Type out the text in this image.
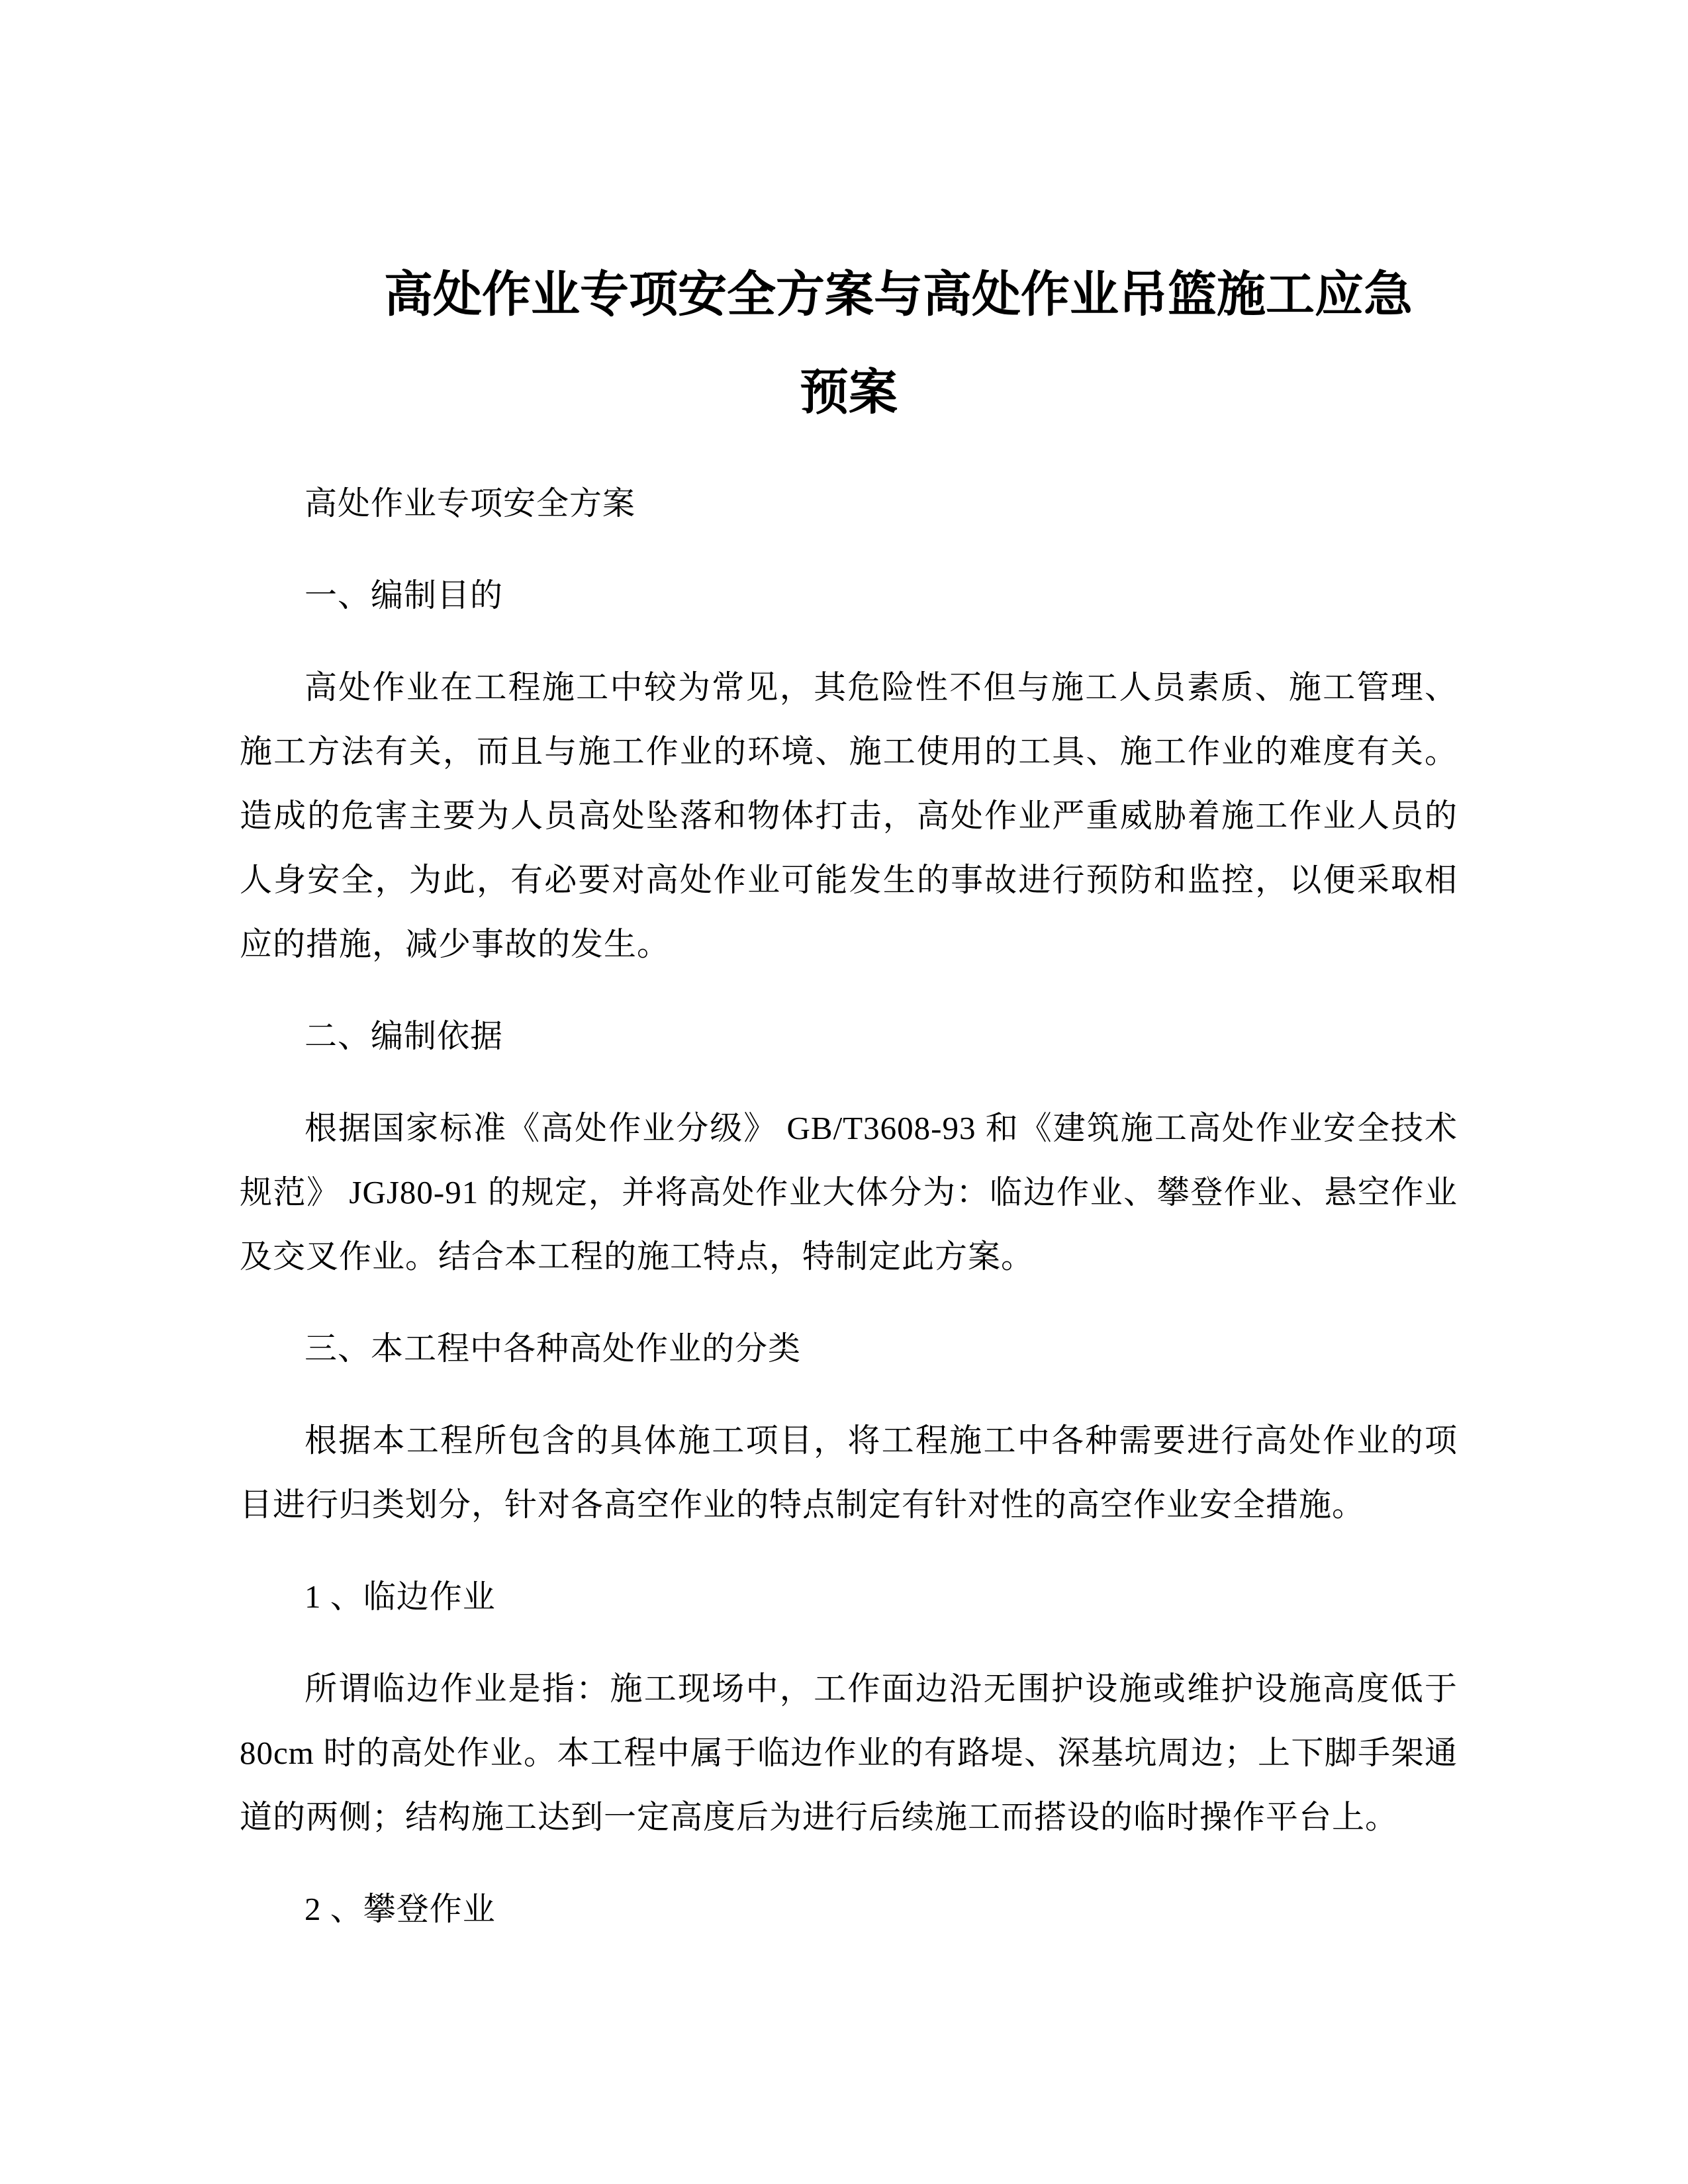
高处作业专项安全方案与高处作业吊篮施工应急
预案
高处作业专项安全方案
一、编制目的
高处作业在工程施工中较为常见，其危险性不但与施工人员素质、施工管理、施工方法有关，而且与施工作业的环境、施工使用的工具、施工作业的难度有关。造成的危害主要为人员高处坠落和物体打击，高处作业严重威胁着施工作业人员的人身安全，为此，有必要对高处作业可能发生的事故进行预防和监控，以便采取相应的措施，减少事故的发生。
二、编制依据
根据国家标准《高处作业分级》 GB/T3608-93 和《建筑施工高处作业安全技术规范》 JGJ80-91 的规定，并将高处作业大体分为：临边作业、攀登作业、悬空作业及交叉作业。结合本工程的施工特点，特制定此方案。
三、本工程中各种高处作业的分类
根据本工程所包含的具体施工项目，将工程施工中各种需要进行高处作业的项目进行归类划分，针对各高空作业的特点制定有针对性的高空作业安全措施。
1 、临边作业
所谓临边作业是指：施工现场中，工作面边沿无围护设施或维护设施高度低于 80cm 时的高处作业。本工程中属于临边作业的有路堤、深基坑周边；上下脚手架通道的两侧；结构施工达到一定高度后为进行后续施工而搭设的临时操作平台上。
2 、攀登作业
